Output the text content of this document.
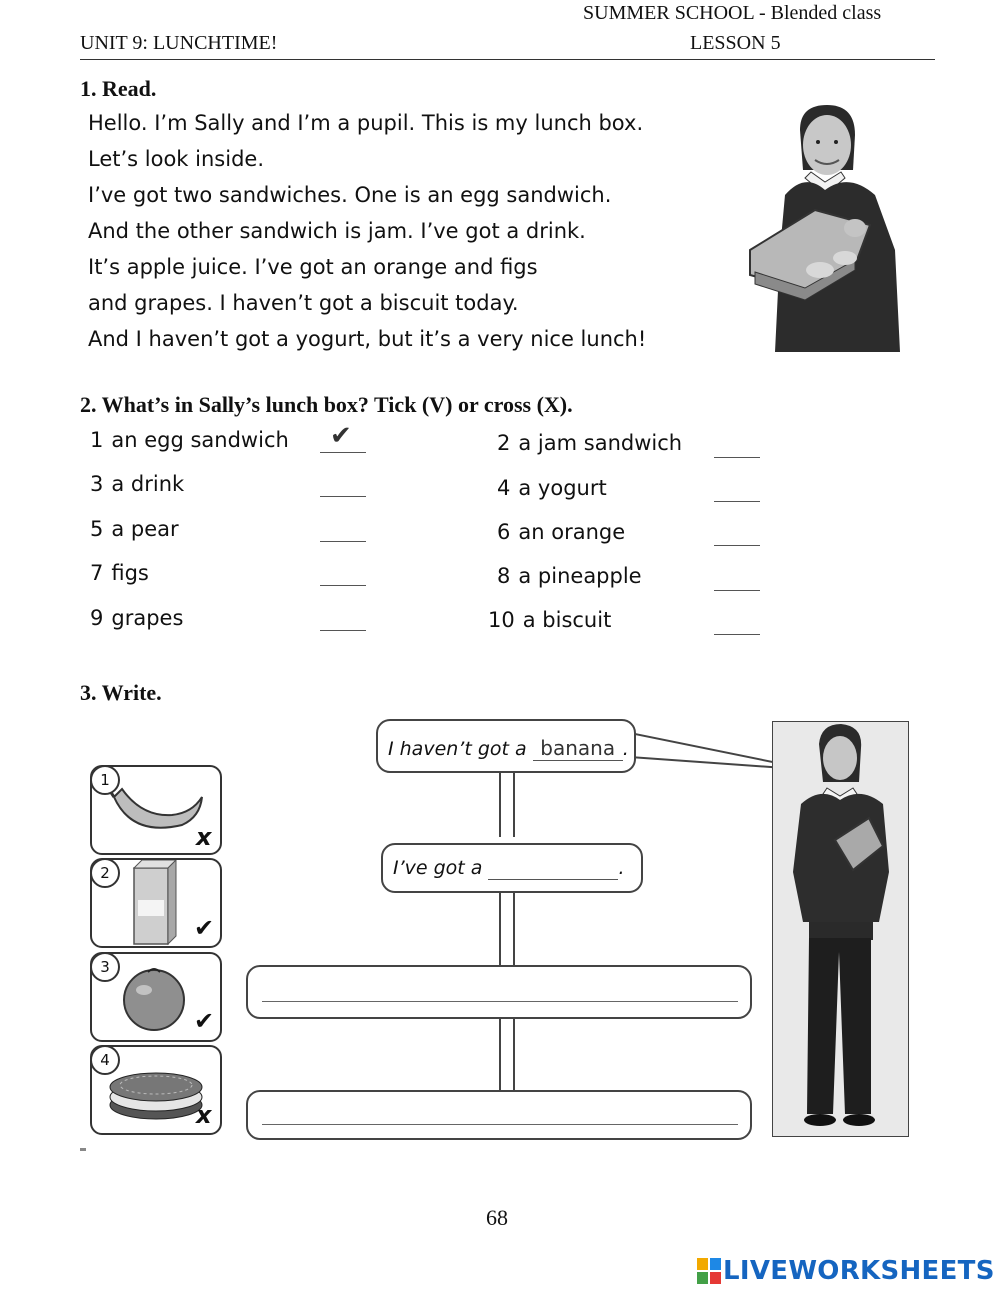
SUMMER SCHOOL - Blended class
UNIT 9: LUNCHTIME!	LESSON 5
1. Read.
Hello. I’m Sally and I’m a pupil. This is my lunch box.
Let’s look inside.
I’ve got two sandwiches. One is an egg sandwich.
And the other sandwich is jam. I’ve got a drink.
It’s apple juice. I’ve got an orange and figs
and grapes. I haven’t got a biscuit today.
And I haven’t got a yogurt, but it’s a very nice lunch!
2. What’s in Sally’s lunch box? Tick (V) or cross (X).
1 an egg sandwich
3 a drink
5 a pear
7 figs
9 grapes
2 a jam sandwich
4 a yogurt
6 an orange
8 a pineapple
10 a biscuit
✔
3. Write.
1
x
2
✔
3
✔
4
x
I haven’t got a banana .
I’ve got a	.
68
LIVEWORKSHEETS
